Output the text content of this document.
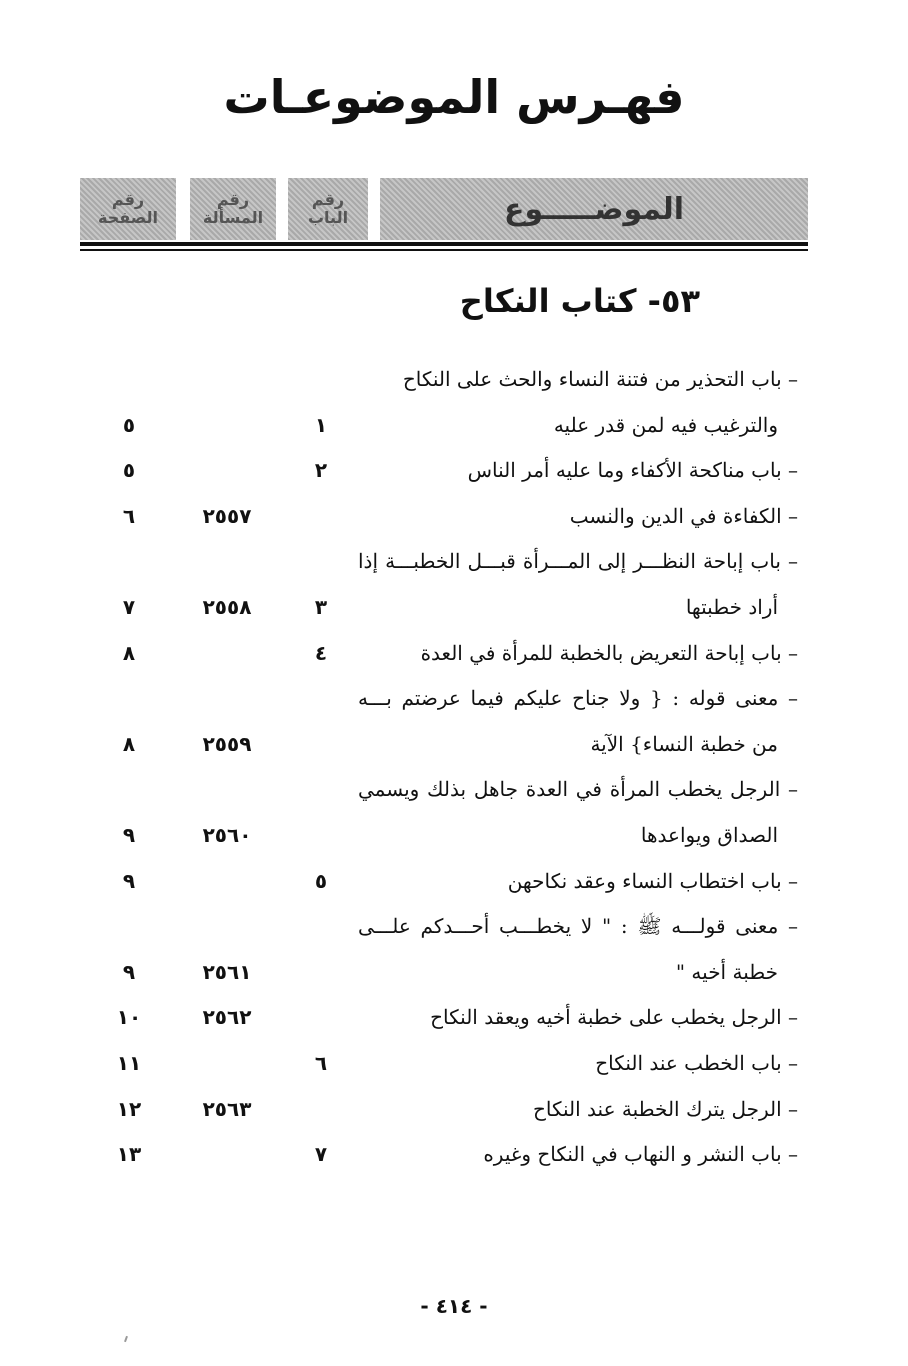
فهـرس الموضوعـات
الموضـــــوع
رقم
الباب
رقم
المسألة
رقم
الصفحة
٥٣- كتاب النكاح
– باب التحذير من فتنة النساء والحث على النكاح
والترغيب فيه لمن قدر عليه
١
٥
– باب مناكحة الأكفاء وما عليه أمر الناس
٢
٥
– الكفاءة في الدين والنسب
٢٥٥٧
٦
– باب إباحة النظـــر إلى المـــرأة قبـــل الخطبـــة إذا
أراد خطبتها
٣
٢٥٥٨
٧
– باب إباحة التعريض بالخطبة للمرأة في العدة
٤
٨
– معنى قوله : { ولا جناح عليكم فيما عرضتم بـــه
من خطبة النساء} الآية
٢٥٥٩
٨
– الرجل يخطب المرأة في العدة جاهل بذلك ويسمي
الصداق ويواعدها
٢٥٦٠
٩
– باب اختطاب النساء وعقد نكاحهن
٥
٩
– معنى قولـــه ﷺ : " لا يخطـــب أحـــدكم علـــى
خطبة أخيه "
٢٥٦١
٩
– الرجل يخطب على خطبة أخيه ويعقد النكاح
٢٥٦٢
١٠
– باب الخطب عند النكاح
٦
١١
– الرجل يترك الخطبة عند النكاح
٢٥٦٣
١٢
– باب النشر و النهاب في النكاح وغيره
٧
١٣
- ٤١٤ -
